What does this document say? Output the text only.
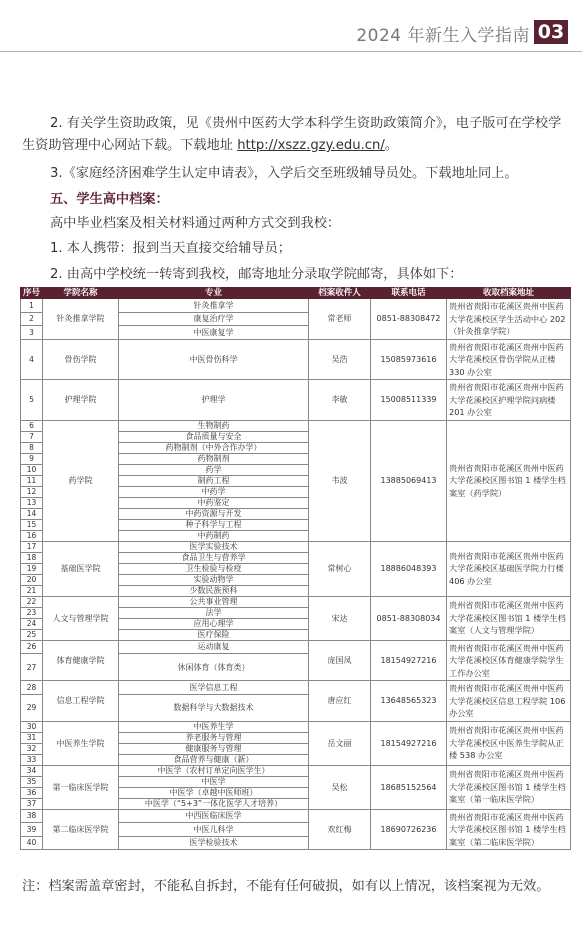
2024 年新生入学指南 03
2. 有关学生资助政策，见《贵州中医药大学本科学生资助政策简介》，电子版可在学校学生资助管理中心网站下载。下载地址 http://xszz.gzy.edu.cn/。
3.《家庭经济困难学生认定申请表》，入学后交至班级辅导员处。下载地址同上。
五、学生高中档案：
高中毕业档案及相关材料通过两种方式交到我校：
1. 本人携带：报到当天直接交给辅导员；
2. 由高中学校统一转寄到我校，邮寄地址分录取学院邮寄，具体如下：
序号	学院名称	专业	档案收件人	联系电话	收取档案地址
1	针灸推拿学院	针灸推拿学	常老师	0851-88308472	贵州省贵阳市花溪区贵州中医药大学花溪校区学生活动中心 202（针灸推拿学院）
2		康复治疗学			
3		中医康复学			
4	骨伤学院	中医骨伤科学	吴浩	15085973616	贵州省贵阳市花溪区贵州中医药大学花溪校区骨伤学院从正楼 330 办公室
5	护理学院	护理学	李敏	15008511339	贵州省贵阳市花溪区贵州中医药大学花溪校区护理学院问病楼 201 办公室
6	药学院	生物制药	韦波	13885069413	贵州省贵阳市花溪区贵州中医药大学花溪校区图书馆 1 楼学生档案室（药学院）
7		食品质量与安全			
8		药物制剂（中外合作办学）			
9		药物制剂			
10		药学			
11		制药工程			
12		中药学			
13		中药鉴定			
14		中药资源与开发			
15		种子科学与工程			
16		中药制药			
17	基础医学院	医学实验技术	常树心	18886048393	贵州省贵阳市花溪区贵州中医药大学花溪校区基础医学院力行楼 406 办公室
18		食品卫生与营养学			
19		卫生检验与检疫			
20		实验动物学			
21		少数民族预科			
22	人文与管理学院	公共事业管理	宋达	0851-88308034	贵州省贵阳市花溪区贵州中医药大学花溪校区图书馆 1 楼学生档案室（人文与管理学院）
23		法学			
24		应用心理学			
25		医疗保险			
26	体育健康学院	运动康复	庞国凤	18154927216	贵州省贵阳市花溪区贵州中医药大学花溪校区体育健康学院学生工作办公室
27		休闲体育（体育类）			
28	信息工程学院	医学信息工程	唐应红	13648565323	贵州省贵阳市花溪区贵州中医药大学花溪校区信息工程学院 106 办公室
29		数据科学与大数据技术			
30	中医养生学院	中医养生学	岳文丽	18154927216	贵州省贵阳市花溪区贵州中医药大学花溪校区中医养生学院从正楼 538 办公室
31		养老服务与管理			
32		健康服务与管理			
33		食品营养与健康（新）			
34	第一临床医学院	中医学（农村订单定向医学生）	吴松	18685152564	贵州省贵阳市花溪区贵州中医药大学花溪校区图书馆 1 楼学生档案室（第一临床医学院）
35		中医学			
36		中医学（卓越中医师班）			
37		中医学（“5+3”一体化医学人才培养）			
38	第二临床医学院	中西医临床医学	欢红梅	18690726236	贵州省贵阳市花溪区贵州中医药大学花溪校区图书馆 1 楼学生档案室（第二临床医学院）
39		中医儿科学			
40		医学检验技术			
注：档案需盖章密封，不能私自拆封，不能有任何破损，如有以上情况，该档案视为无效。
